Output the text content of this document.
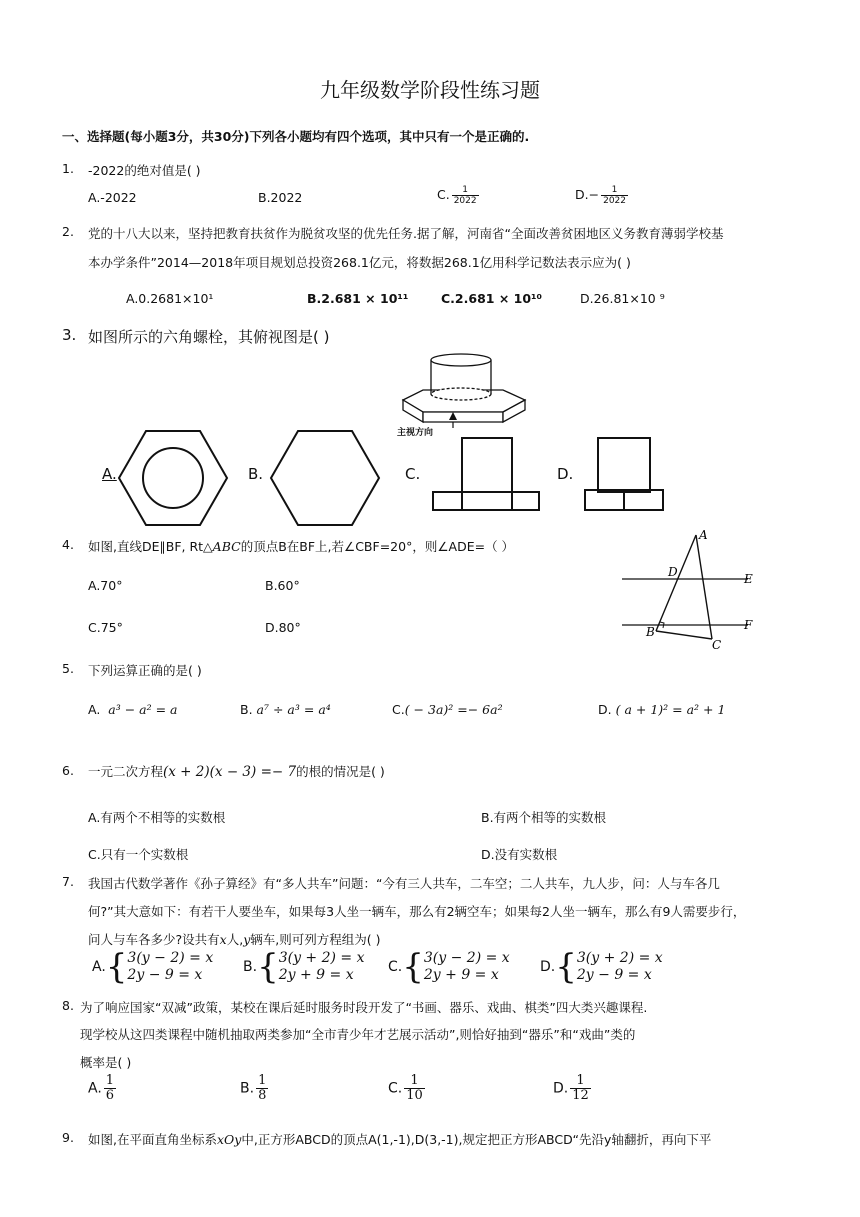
九年级数学阶段性练习题
一、选择题(每小题3分，共30分)下列各小题均有四个选项，其中只有一个是正确的.
1. -2022的绝对值是( )
A.-2022	B.2022	C. $\frac{1}{2022}$	$D.- \frac{1}{2022}$
2. 党的十八大以来，坚持把教育扶贫作为脱贫攻坚的优先任务.据了解，河南省“全面改善贫困地区义务教育薄弱学校基
本办学条件”2014—2018年项目规划总投资268.1亿元，将数据268.1亿用科学记数法表示应为( )
A.0.2681×10¹	B.2.681 × 10¹¹	C.2.681 × 10¹⁰	D.26.81×10 ⁹
3. 如图所示的六角螺栓，其俯视图是( )
主视方向
A.	B.	C.	D.
4. 如图,直线DE∥BF, Rt△ABC的顶点B在BF上,若∠CBF=20°，则∠ADE=（ ）
A.70°	B.60°
C.75°	D.80°
A
D	E
B	F
C
5. 下列运算正确的是( )
A. a³ − a² = a	B. a⁷ ÷ a³ = a⁴	C.( − 3a)² =− 6a²	D. ( a + 1)² = a² + 1
6. 一元二次方程(x + 2)(x − 3) =− 7的根的情况是( )
A.有两个不相等的实数根	B.有两个相等的实数根
C.只有一个实数根	D.没有实数根
7. 我国古代数学著作《孙子算经》有“多人共车”问题：“今有三人共车，二车空；二人共车，九人步，问：人与车各几
何?”其大意如下：有若干人要坐车，如果每3人坐一辆车，那么有2辆空车；如果每2人坐一辆车，那么有9人需要步行，
问人与车各多少?设共有x人,y辆车,则可列方程组为( )
A.{ 3(y − 2) = x
2y − 9 = x	B.{ 3(y + 2) = x
2y + 9 = x	C.{ 3(y − 2) = x
2y + 9 = x	D.{ 3(y + 2) = x
2y − 9 = x
8. 为了响应国家“双减”政策，某校在课后延时服务时段开发了“书画、器乐、戏曲、棋类”四大类兴趣课程.
现学校从这四类课程中随机抽取两类参加“全市青少年才艺展示活动”,则恰好抽到“器乐”和“戏曲”类的
概率是( )
A. $\frac{1}{6}$	B. $\frac{1}{8}$	C. $\frac{1}{10}$	D. $\frac{1}{12}$
9. 如图,在平面直角坐标系xOy中,正方形ABCD的顶点A(1,-1),D(3,-1),规定把正方形ABCD“先沿y轴翻折，再向下平
